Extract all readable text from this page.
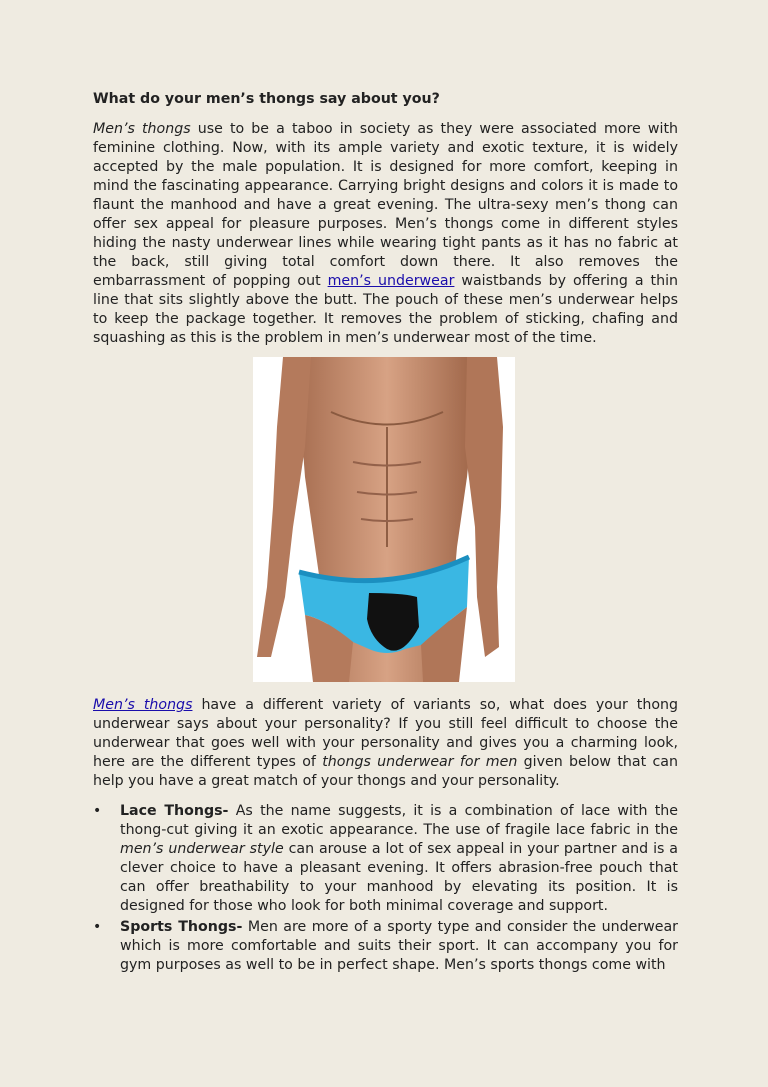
What do your men’s thongs say about you?

Men’s thongs use to be a taboo in society as they were associated more with feminine clothing. Now, with its ample variety and exotic texture, it is widely accepted by the male population. It is designed for more comfort, keeping in mind the fascinating appearance. Carrying bright designs and colors it is made to flaunt the manhood and have a great evening. The ultra-sexy men’s thong can offer sex appeal for pleasure purposes. Men’s thongs come in different styles hiding the nasty underwear lines while wearing tight pants as it has no fabric at the back, still giving total comfort down there. It also removes the embarrassment of popping out men’s underwear waistbands by offering a thin line that sits slightly above the butt. The pouch of these men’s underwear helps to keep the package together. It removes the problem of sticking, chafing and squashing as this is the problem in men’s underwear most of the time.

Men’s thongs have a different variety of variants so, what does your thong underwear says about your personality? If you still feel difficult to choose the underwear that goes well with your personality and gives you a charming look, here are the different types of thongs underwear for men given below that can help you have a great match of your thongs and your personality.

• Lace Thongs- As the name suggests, it is a combination of lace with the thong-cut giving it an exotic appearance. The use of fragile lace fabric in the men’s underwear style can arouse a lot of sex appeal in your partner and is a clever choice to have a pleasant evening. It offers abrasion-free pouch that can offer breathability to your manhood by elevating its position. It is designed for those who look for both minimal coverage and support.
• Sports Thongs- Men are more of a sporty type and consider the underwear which is more comfortable and suits their sport. It can accompany you for gym purposes as well to be in perfect shape. Men’s sports thongs come with
